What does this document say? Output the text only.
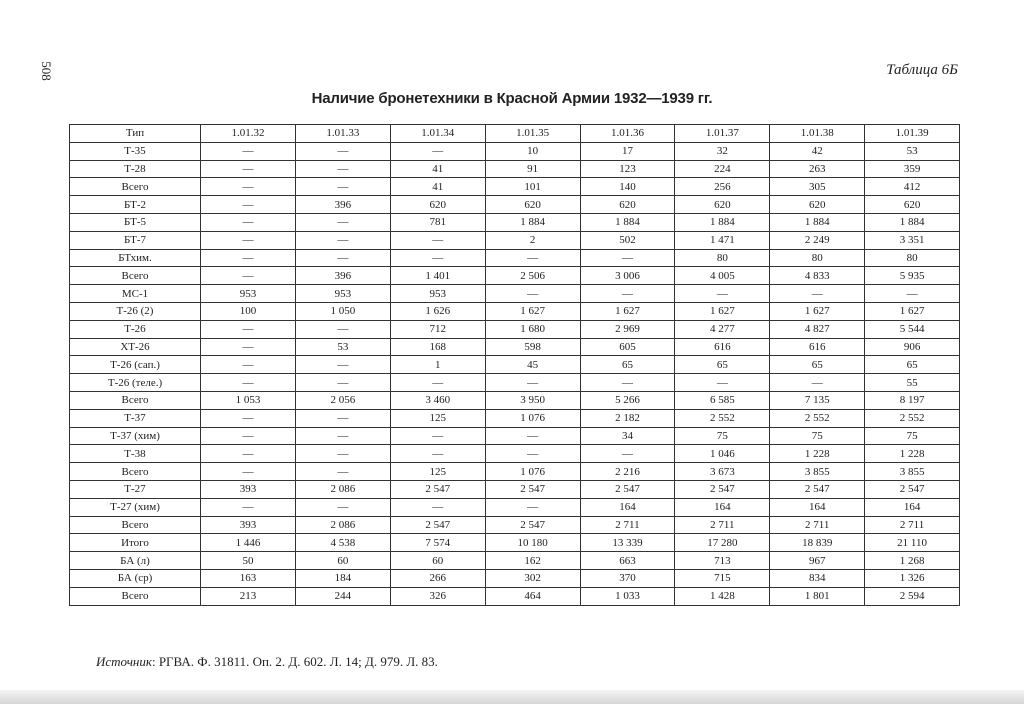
508	Таблица 6Б
Наличие бронетехники в Красной Армии 1932—1939 гг.
Тип	1.01.32	1.01.33	1.01.34	1.01.35	1.01.36	1.01.37	1.01.38	1.01.39
Т-35	—	—	—	10	17	32	42	53
Т-28	—	—	41	91	123	224	263	359
Всего	—	—	41	101	140	256	305	412
БТ-2	—	396	620	620	620	620	620	620
БТ-5	—	—	781	1 884	1 884	1 884	1 884	1 884
БТ-7	—	—	—	2	502	1 471	2 249	3 351
БТхим.	—	—	—	—	—	80	80	80
Всего	—	396	1 401	2 506	3 006	4 005	4 833	5 935
МС-1	953	953	953	—	—	—	—	—
Т-26 (2)	100	1 050	1 626	1 627	1 627	1 627	1 627	1 627
Т-26	—	—	712	1 680	2 969	4 277	4 827	5 544
ХТ-26	—	53	168	598	605	616	616	906
Т-26 (сап.)	—	—	1	45	65	65	65	65
Т-26 (теле.)	—	—	—	—	—	—	—	55
Всего	1 053	2 056	3 460	3 950	5 266	6 585	7 135	8 197
Т-37	—	—	125	1 076	2 182	2 552	2 552	2 552
Т-37 (хим)	—	—	—	—	34	75	75	75
Т-38	—	—	—	—	—	1 046	1 228	1 228
Всего	—	—	125	1 076	2 216	3 673	3 855	3 855
Т-27	393	2 086	2 547	2 547	2 547	2 547	2 547	2 547
Т-27 (хим)	—	—	—	—	164	164	164	164
Всего	393	2 086	2 547	2 547	2 711	2 711	2 711	2 711
Итого	1 446	4 538	7 574	10 180	13 339	17 280	18 839	21 110
БА (л)	50	60	60	162	663	713	967	1 268
БА (ср)	163	184	266	302	370	715	834	1 326
Всего	213	244	326	464	1 033	1 428	1 801	2 594
Источник: РГВА. Ф. 31811. Оп. 2. Д. 602. Л. 14; Д. 979. Л. 83.
